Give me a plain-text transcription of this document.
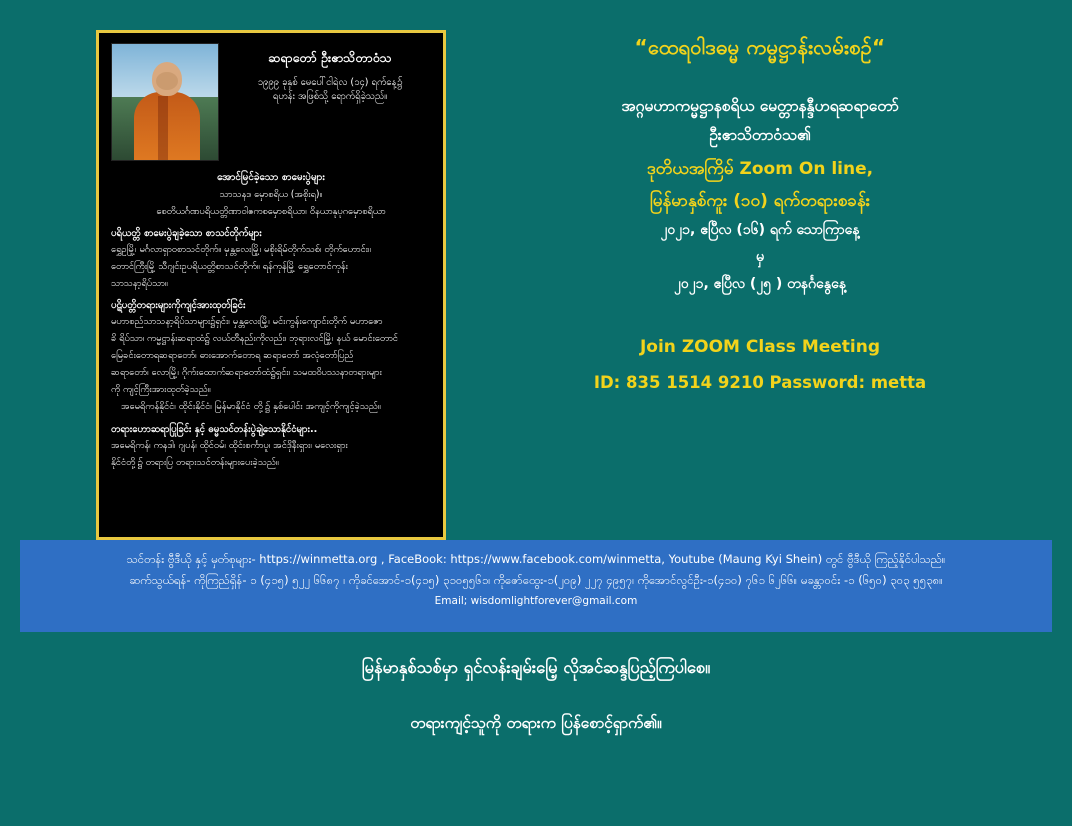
ဆရာတော် ဦးဧာသိတာဝံသ
၁၉၉၉ ခုနှစ် မေပေါ်ငါရဲလ (၁၄) ရက်နေ့၌
ရဟန်း အဖြစ်သို့ ရောက်ရှိခဲ့သည်။
အောင်မြင်ခဲ့သော စာမေးပွဲများ

သာသနဒ မှောစရိယ (အစိုးရ)။

စေတိယင်္ဂဏပရိယတ္တိဏာဝါဧကစမှောစရိယာ၊ ဝိနယာနုပုဂမှောစရိယာ

ပရိယတ္တိ စာမေးပွဲချခဲ့သော စာသင်တိုက်များ

ရွှေဥမြို့၊ မင်္ဂလာရှာဝစာသင်တိုက်။ မှန္တလေးမြို့၊ မစိုးရိမ်တိုက်သစ်၊ တိုက်ဟောင်း။

တောင်ကြီးမြို့ သီဂျင်းဥပရိယတ္တိစာသင်တိုက်။ ရန်ကုန်မြို့ ရွှေတောင်ကုန်း

သာသနာ့ရိပ်သာ။

ပဋိပတ္တိတရားများကိုကျင့်အားထုတ်ခြင်း

မဟာစည်သာသနာ့ရိပ်သာများ၌ရှင်း၊ မှန္တလေးမြို့၊ မင်းကွန်းကျောင်းတိုက် မဟာဇော

ခိ ရိပ်သာ၊ ကမ္မဋ္ဌာန်းဆရာထံ၌ လယ်တီနည်းကိုလည်း၊ ဘုရားလင်မြို့၊ နယ် မောင်းတောင်

မြေခင်းတောရဆရာတော်၊ ဓားအောက်တောရ ဆရာတော် အလုံတော်ပြည်

ဆရာတော်၊ လောမြို့၊ ဂိုက်းထောက်ဆရာတော်ထံ၌ရှင်း၊ သမထဝိပဿနာတရားများ

ကို ကျင့်ကြီးအားထုတ်ခဲ့သည်။

အမေရိကန်နိုင်ငံ၊ ထိုင်းနိုင်ငံ၊ မြန်မာနိုင်ငံ တို့၌ နှစ်ပေါင်း အကျင့်ကိုကျင့်ခဲ့သည်။

တရားဟောဆရာပြုခြင်း နှင့် ဓမ္မသင်တန်းပွဲချဲ့သောနိုင်ငံများ..

အမေရိကန်၊ ကနဒါ၊ ဂျပန်၊ ထိုင်ဝမ်၊ ထိုင်းစင်္ကာပူ၊ အင်ဒိုနီးရှား၊ မလေးရှား

နိုင်ငံတို့၌ တရားပြ တရားသင်တန်းများပေးခဲ့သည်။

“ထေရဝါဒဓမ္မ ကမ္မဋ္ဌာန်းလမ်းစဉ်“
အဂ္ဂမဟာကမ္မဋ္ဌာနစရိယ မေတ္တာနန္ဒီဟရဆရာတော်
ဦးဧာသိတာဝံသ၏
ဒုတိယအကြိမ် Zoom On line,
မြန်မာနှစ်ကူး (၁၀) ရက်တရားစခန်း
၂၀၂၁, ဧပြီလ (၁၆) ရက် သောကြာနေ့
မှ
၂၀၂၁, ဧပြီလ (၂၅ ) တနင်္ဂနွေနေ့
Join ZOOM Class Meeting
ID: 835 1514 9210 Password: metta
သင်တန်း ဗွီဒီယို နှင့် မှတ်စုများ- https://winmetta.org , FaceBook: https://www.facebook.com/winmetta, Youtube (Maung Kyi Shein) တွင် ဗွီဒီယို ကြည့်နိုင်ပါသည်။
ဆက်သွယ်ရန်- ကိုကြည်ရှိန်- ၁ (၄၁၅) ၅၂၂ ၆၆၈၇ ၊ ကိုခင်အောင်-၁(၄၁၅) ၃၁၀၅၅၆၁၊ ကိုဇော်ထွေး-၁(၂၀၉) ၂၂၇ ၄၉၅၇၊ ကိုအောင်လွင်ဦး-၁(၄၁၀) ၇၆၁ ၆၂၆၆။ မခန္တာဝင်း -၁ (၆၅၀) ၃၀၃ ၅၅၃၈။
Email; wisdomlightforever@gmail.com
မြန်မာနှစ်သစ်မှာ ရှင်လန်းချမ်းမြေ့ လိုအင်ဆန္ဒပြည့်ကြပါစေ။
တရားကျင့်သူကို တရားက ပြန်စောင့်ရှာက်၏။
